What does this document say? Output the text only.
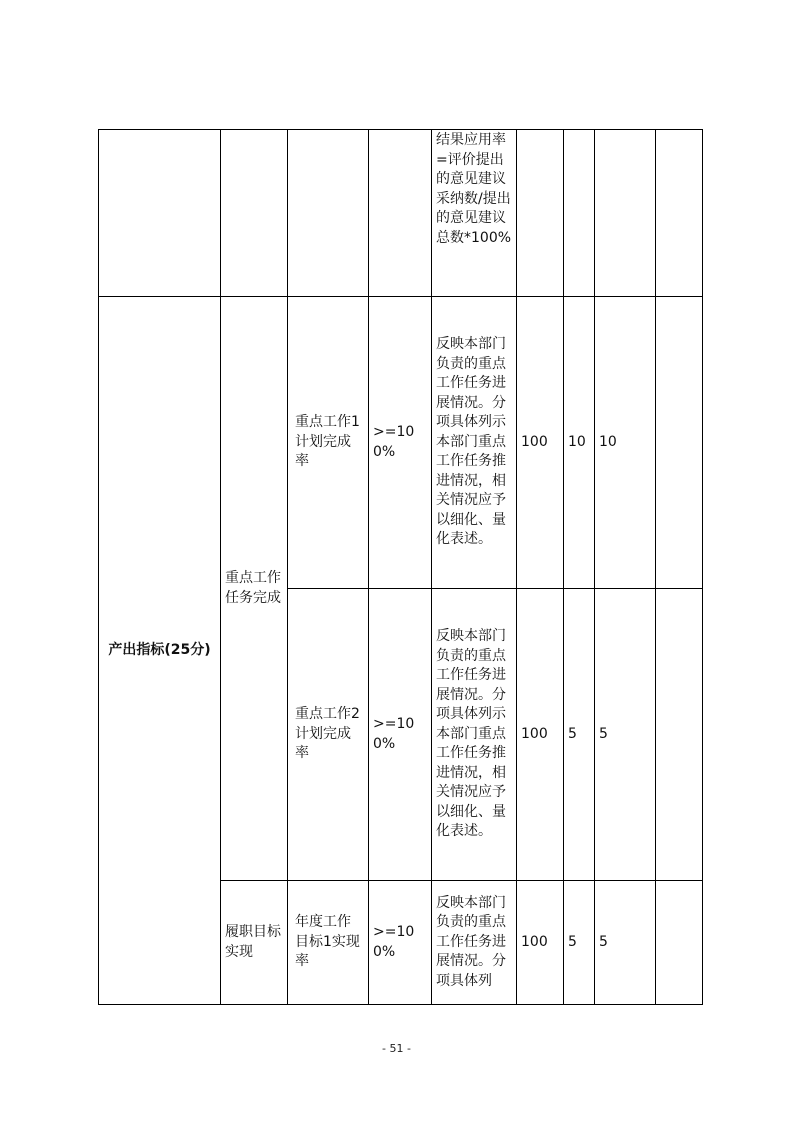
				结果应用率=评价提出的意见建议采纳数/提出的意见建议总数*100%				
产出指标(25分)	重点工作任务完成	重点工作1计划完成率	>=100%	反映本部门负责的重点工作任务进展情况。分项具体列示本部门重点工作任务推进情况，相关情况应予以细化、量化表述。	100	10	10	
		重点工作2计划完成率	>=100%	反映本部门负责的重点工作任务进展情况。分项具体列示本部门重点工作任务推进情况，相关情况应予以细化、量化表述。	100	5	5	
	履职目标实现	年度工作目标1实现率	>=100%	反映本部门负责的重点工作任务进展情况。分项具体列	100	5	5	
- 51 -
